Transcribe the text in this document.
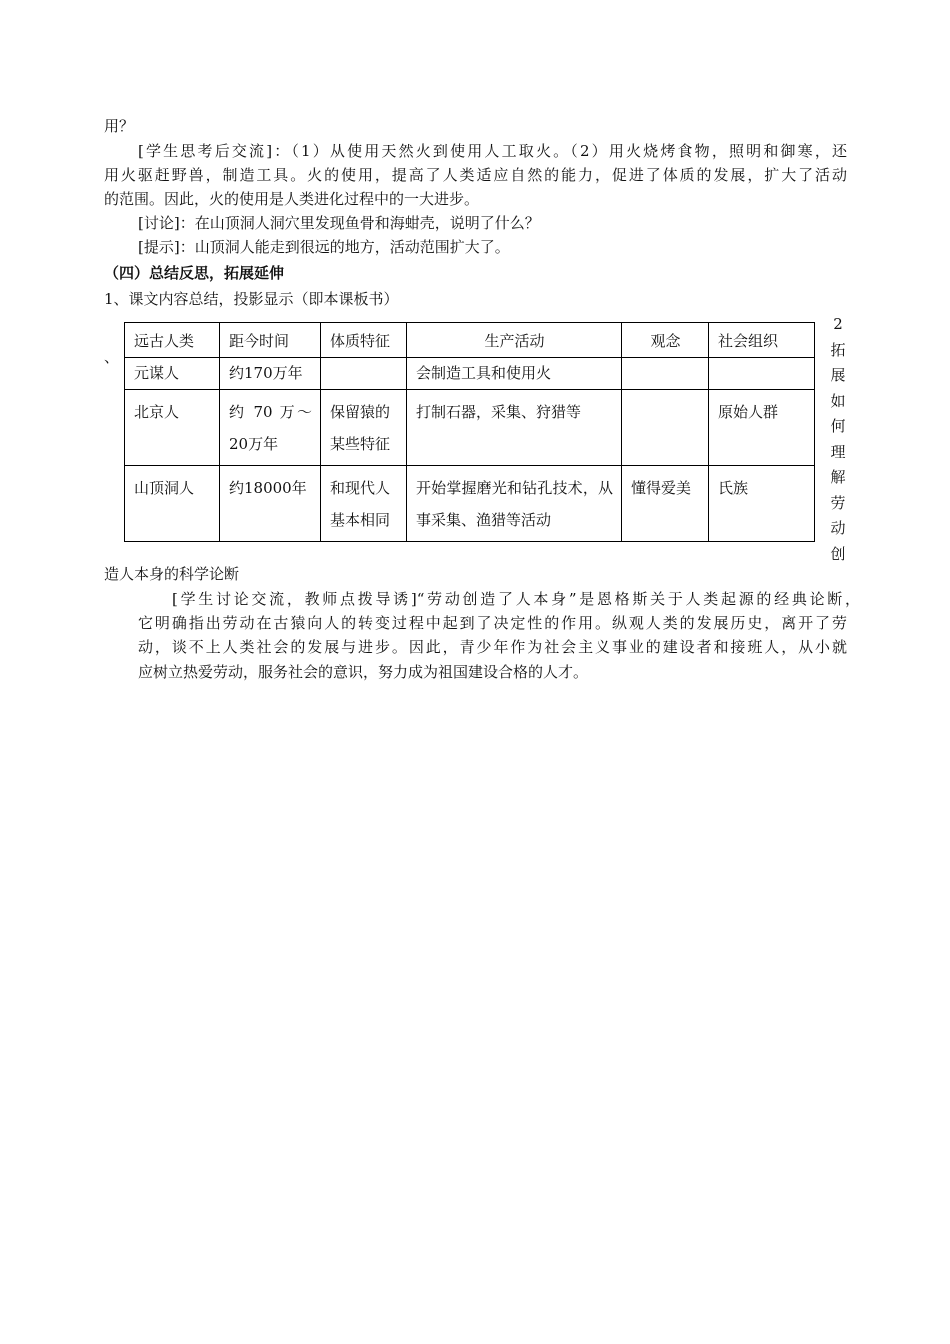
用？
[学生思考后交流]：（1）从使用天然火到使用人工取火。（2）用火烧烤食物，照明和御寒，还
用火驱赶野兽，制造工具。火的使用，提高了人类适应自然的能力，促进了体质的发展，扩大了活动
的范围。因此，火的使用是人类进化过程中的一大进步。
[讨论]：在山顶洞人洞穴里发现鱼骨和海蚶壳，说明了什么？
[提示]：山顶洞人能走到很远的地方，活动范围扩大了。
（四）总结反思，拓展延伸
1、课文内容总结，投影显示（即本课板书）
、
远古人类	距今时间	体质特征	生产活动	观念	社会组织
元谋人	约170万年		会制造工具和使用火		
北京人	约 70 万～20万年	保留猿的某些特征	打制石器，采集、狩猎等		原始人群
山顶洞人	约18000年	和现代人基本相同	开始掌握磨光和钻孔技术，从事采集、渔猎等活动	懂得爱美	氏族
2
拓
展
如
何
理
解
劳
动
创
造人本身的科学论断
[学生讨论交流，教师点拨导诱]“劳动创造了人本身”是恩格斯关于人类起源的经典论断，
它明确指出劳动在古猿向人的转变过程中起到了决定性的作用。纵观人类的发展历史，离开了劳
动，谈不上人类社会的发展与进步。因此，青少年作为社会主义事业的建设者和接班人，从小就
应树立热爱劳动，服务社会的意识，努力成为祖国建设合格的人才。
